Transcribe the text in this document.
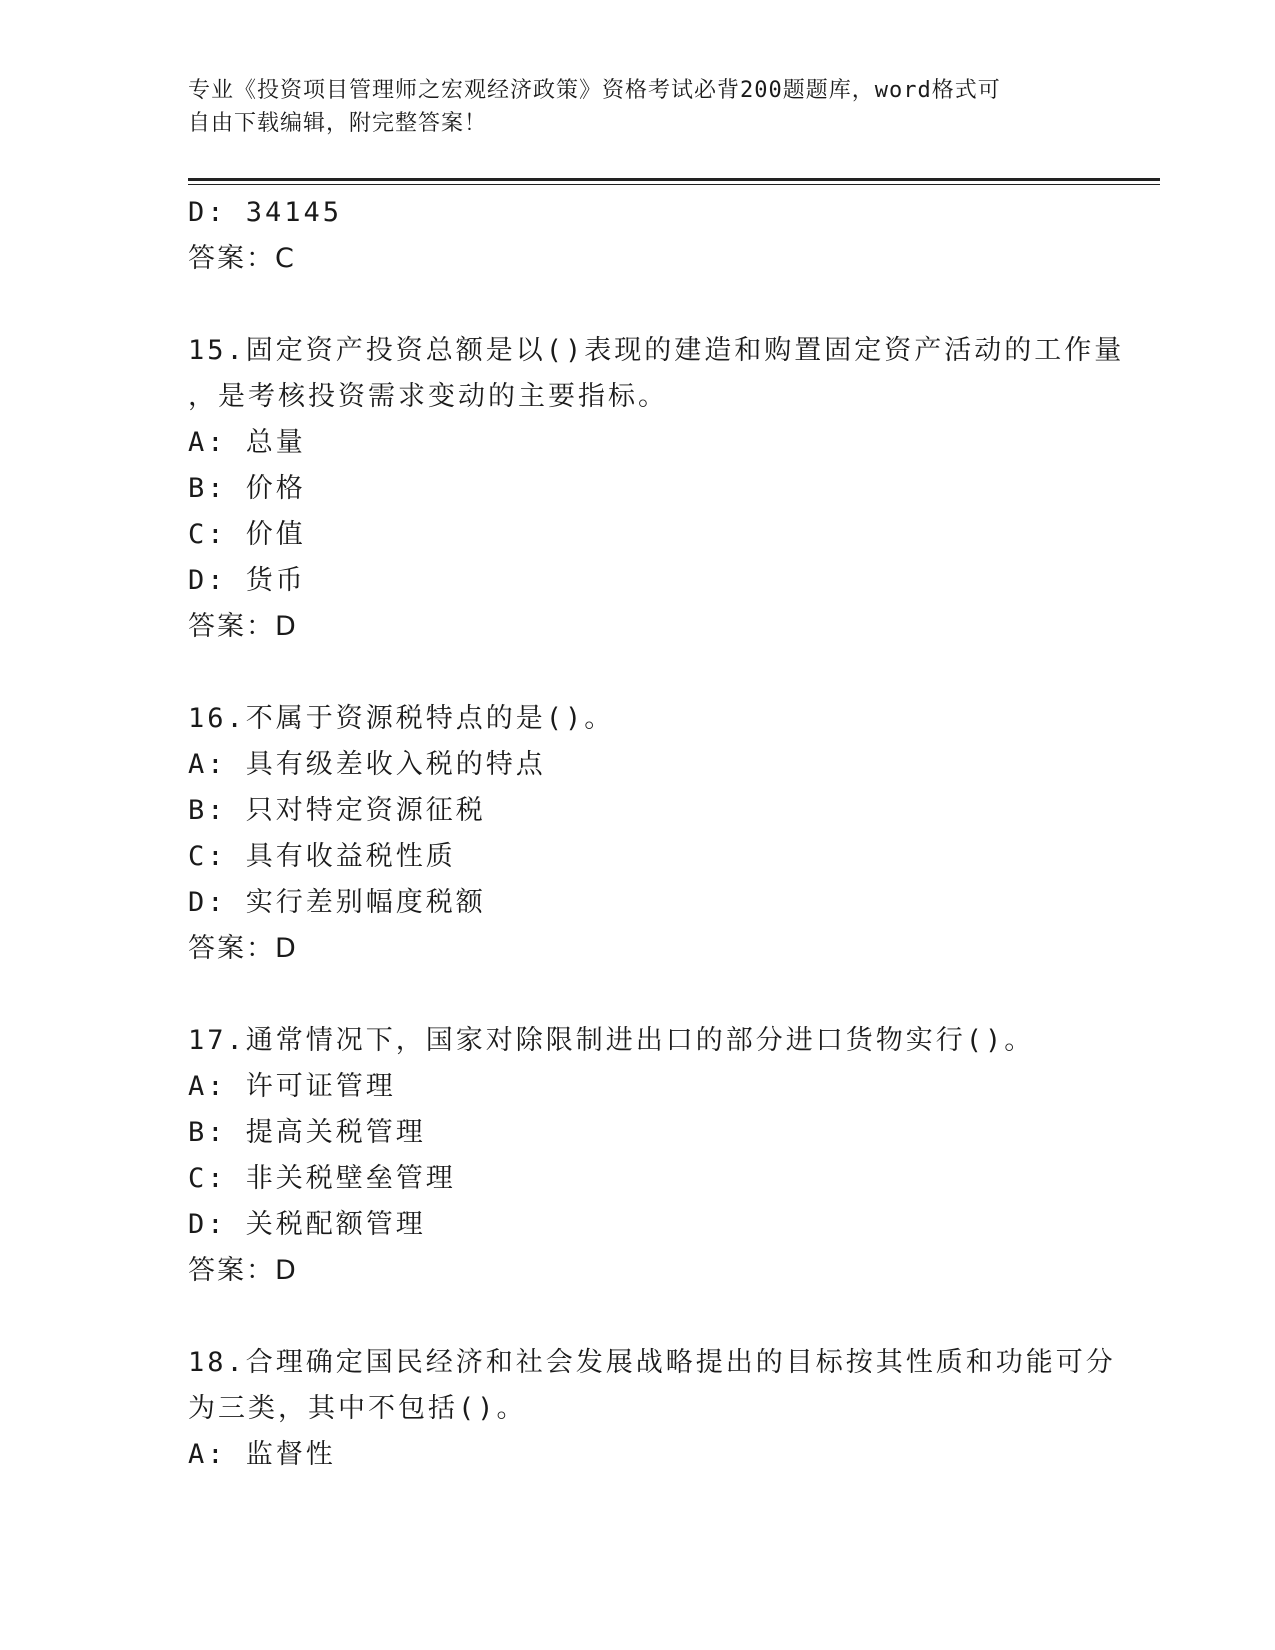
专业《投资项目管理师之宏观经济政策》资格考试必背200题题库，word格式可
自由下载编辑，附完整答案！
D: 34145
答案：C
15.固定资产投资总额是以()表现的建造和购置固定资产活动的工作量
，是考核投资需求变动的主要指标。
A: 总量
B: 价格
C: 价值
D: 货币
答案：D
16.不属于资源税特点的是()。
A: 具有级差收入税的特点
B: 只对特定资源征税
C: 具有收益税性质
D: 实行差别幅度税额
答案：D
17.通常情况下，国家对除限制进出口的部分进口货物实行()。
A: 许可证管理
B: 提高关税管理
C: 非关税壁垒管理
D: 关税配额管理
答案：D
18.合理确定国民经济和社会发展战略提出的目标按其性质和功能可分
为三类，其中不包括()。
A: 监督性
